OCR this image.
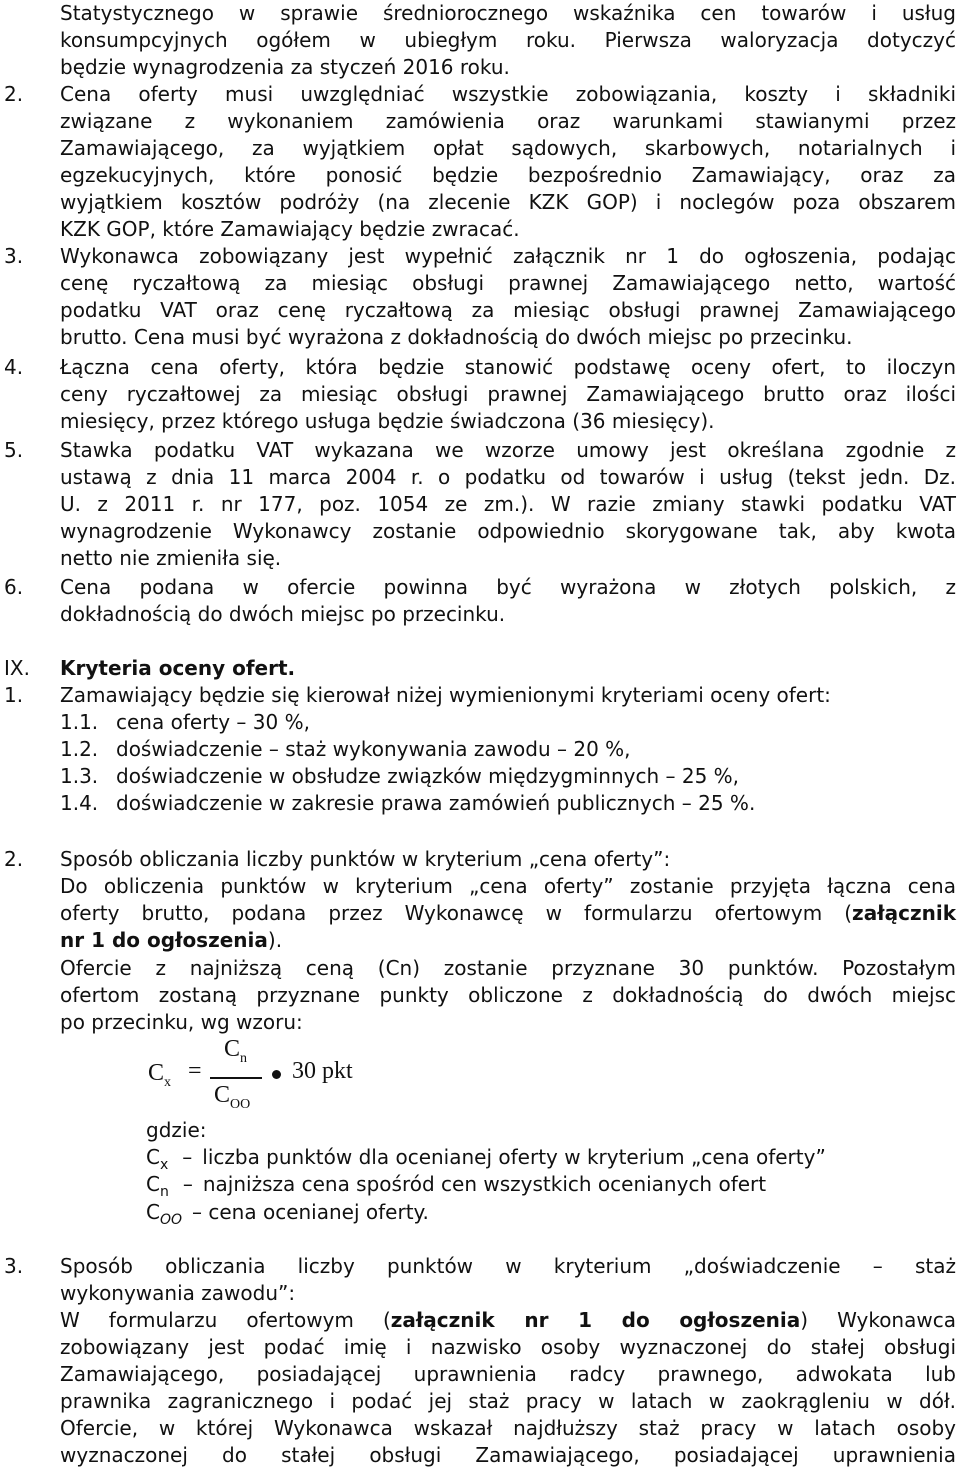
Statystycznego w sprawie średniorocznego wskaźnika cen towarów i usług
konsumpcyjnych ogółem w ubiegłym roku. Pierwsza waloryzacja dotyczyć
będzie wynagrodzenia za styczeń 2016 roku.
2. Cena oferty musi uwzględniać wszystkie zobowiązania, koszty i składniki
związane z wykonaniem zamówienia oraz warunkami stawianymi przez
Zamawiającego, za wyjątkiem opłat sądowych, skarbowych, notarialnych i
egzekucyjnych, które ponosić będzie bezpośrednio Zamawiający, oraz za
wyjątkiem kosztów podróży (na zlecenie KZK GOP) i noclegów poza obszarem
KZK GOP, które Zamawiający będzie zwracać.
3. Wykonawca zobowiązany jest wypełnić załącznik nr 1 do ogłoszenia, podając
cenę ryczałtową za miesiąc obsługi prawnej Zamawiającego netto, wartość
podatku VAT oraz cenę ryczałtową za miesiąc obsługi prawnej Zamawiającego
brutto. Cena musi być wyrażona z dokładnością do dwóch miejsc po przecinku.
4. Łączna cena oferty, która będzie stanowić podstawę oceny ofert, to iloczyn
ceny ryczałtowej za miesiąc obsługi prawnej Zamawiającego brutto oraz ilości
miesięcy, przez którego usługa będzie świadczona (36 miesięcy).
5. Stawka podatku VAT wykazana we wzorze umowy jest określana zgodnie z
ustawą z dnia 11 marca 2004 r. o podatku od towarów i usług (tekst jedn. Dz.
U. z 2011 r. nr 177, poz. 1054 ze zm.). W razie zmiany stawki podatku VAT
wynagrodzenie Wykonawcy zostanie odpowiednio skorygowane tak, aby kwota
netto nie zmieniła się.
6. Cena podana w ofercie powinna być wyrażona w złotych polskich, z
dokładnością do dwóch miejsc po przecinku.
IX. Kryteria oceny ofert.
1. Zamawiający będzie się kierował niżej wymienionymi kryteriami oceny ofert:
1.1. cena oferty – 30 %,
1.2. doświadczenie – staż wykonywania zawodu – 20 %,
1.3. doświadczenie w obsłudze związków międzygminnych – 25 %,
1.4. doświadczenie w zakresie prawa zamówień publicznych – 25 %.
2. Sposób obliczania liczby punktów w kryterium „cena oferty”:
Do obliczenia punktów w kryterium „cena oferty” zostanie przyjęta łączna cena
oferty brutto, podana przez Wykonawcę w formularzu ofertowym (załącznik
nr 1 do ogłoszenia).
Ofercie z najniższą ceną (Cn) zostanie przyznane 30 punktów. Pozostałym
ofertom zostaną przyznane punkty obliczone z dokładnością do dwóch miejsc
po przecinku, wg wzoru:
$C_x$ =
$C_n$
$C_{OO}$
30 pkt
gdzie:
$C_x$ – liczba punktów dla ocenianej oferty w kryterium „cena oferty”
$C_n$ – najniższa cena spośród cen wszystkich ocenianych ofert
$C_{OO}$ – cena ocenianej oferty.
3. Sposób obliczania liczby punktów w kryterium „doświadczenie – staż
wykonywania zawodu”:
W formularzu ofertowym (załącznik nr 1 do ogłoszenia) Wykonawca
zobowiązany jest podać imię i nazwisko osoby wyznaczonej do stałej obsługi
Zamawiającego, posiadającej uprawnienia radcy prawnego, adwokata lub
prawnika zagranicznego i podać jej staż pracy w latach w zaokrągleniu w dół.
Ofercie, w której Wykonawca wskazał najdłuższy staż pracy w latach osoby
wyznaczonej do stałej obsługi Zamawiającego, posiadającej uprawnienia
